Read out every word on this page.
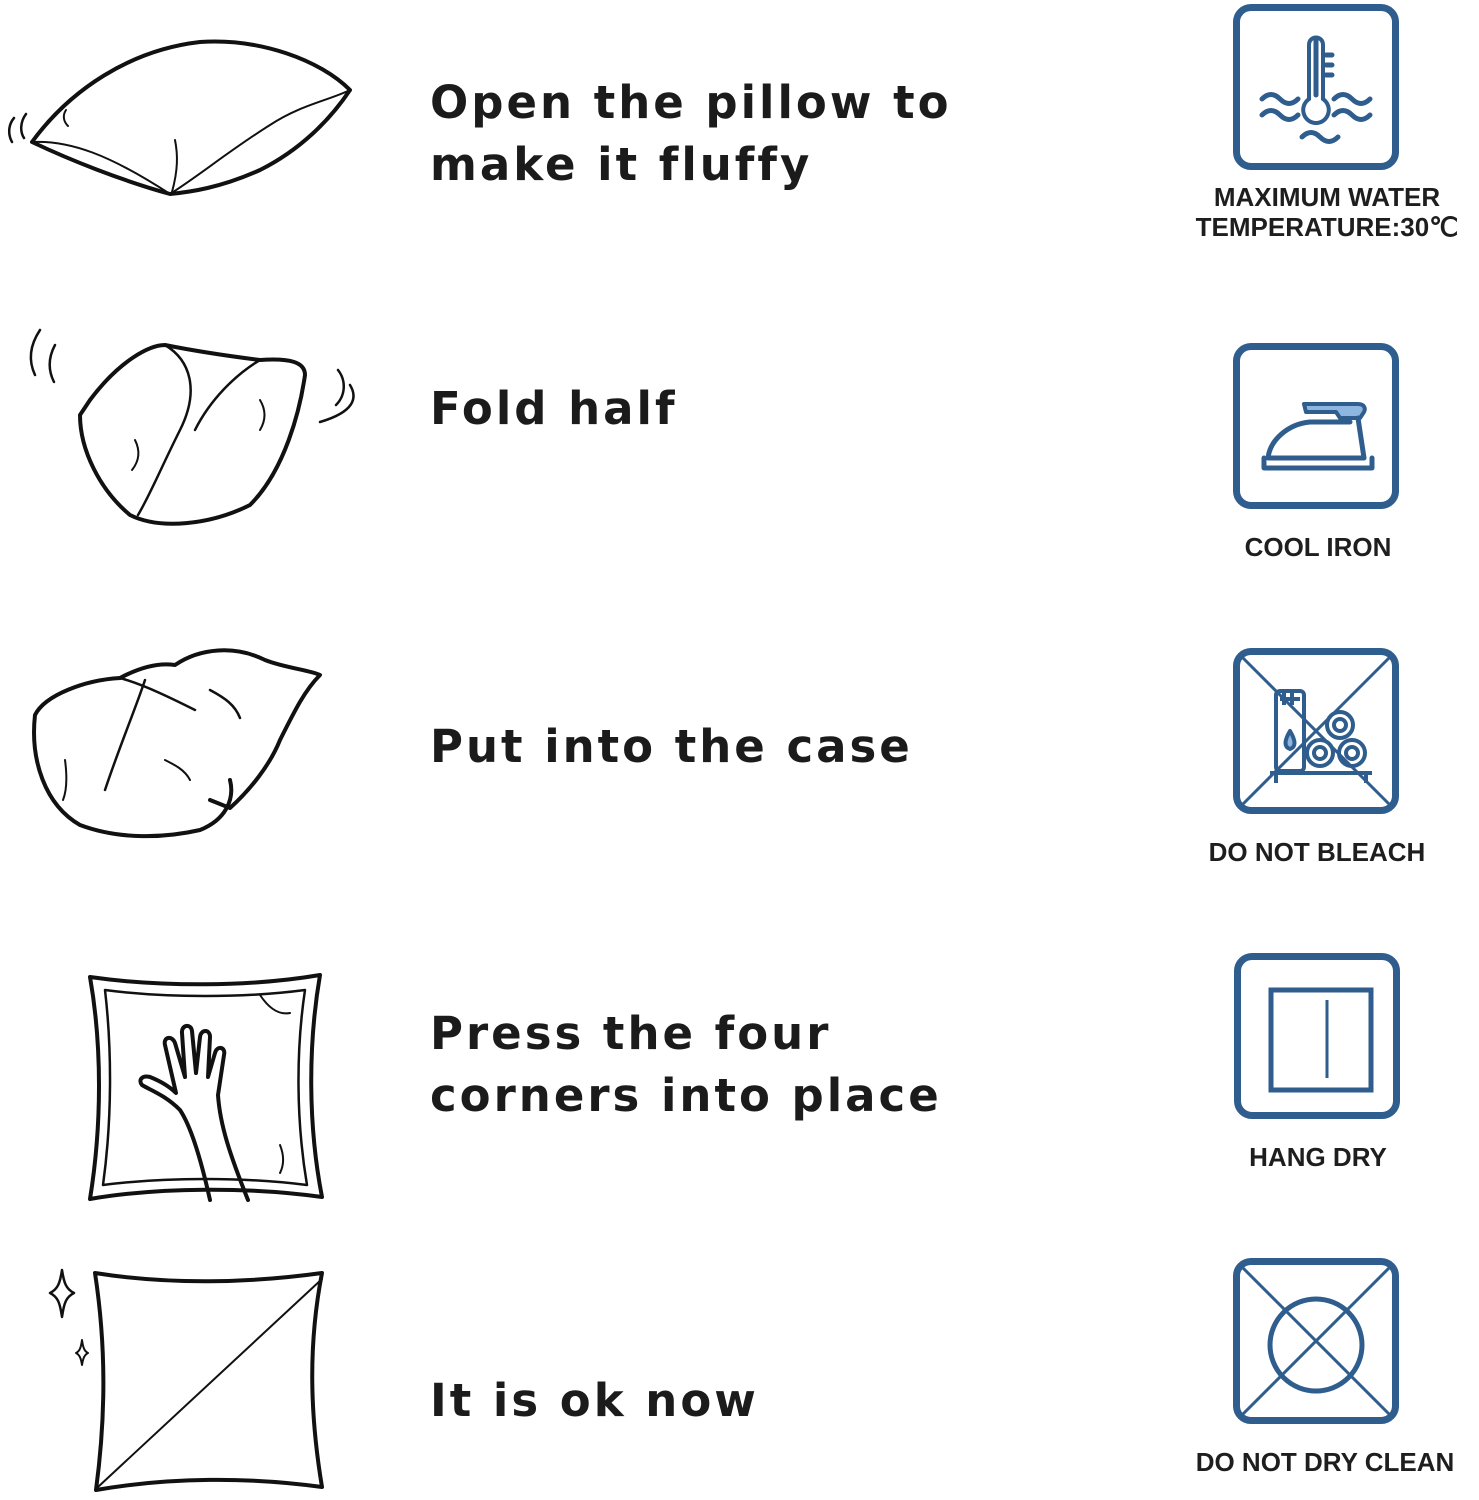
Open the pillow to
make it fluffy
Fold half
Put into the case
Press the four
corners into place
It is ok now
MAXIMUM WATER
TEMPERATURE:30℃
COOL IRON
DO NOT BLEACH
HANG DRY
DO NOT DRY CLEAN
